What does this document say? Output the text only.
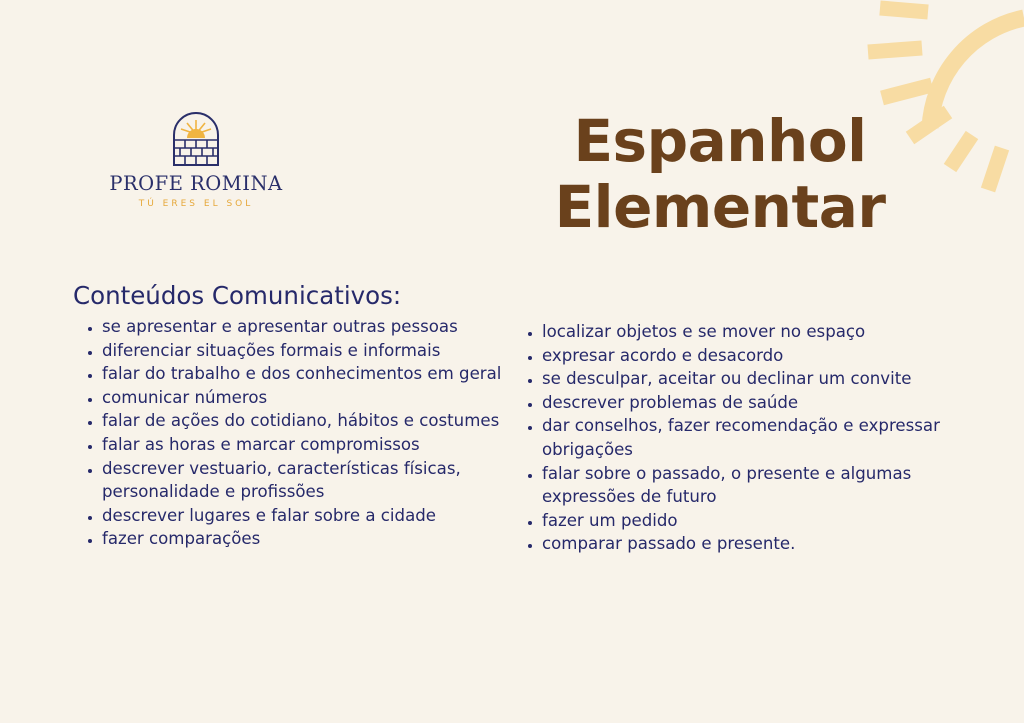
PROFE ROMINA
TÚ ERES EL SOL
Espanhol
Elementar
Conteúdos Comunicativos:
• se apresentar e apresentar outras pessoas
• diferenciar situações formais e informais
• falar do trabalho e dos conhecimentos em geral
• comunicar números
• falar de ações do cotidiano, hábitos e costumes
• falar as horas e marcar compromissos
• descrever vestuario, características físicas, personalidade e profissões
• descrever lugares e falar sobre a cidade
• fazer comparações
• localizar objetos e se mover no espaço
• expresar acordo e desacordo
• se desculpar, aceitar ou declinar um convite
• descrever problemas de saúde
• dar conselhos, fazer recomendação e expressar obrigações
• falar sobre o passado, o presente e algumas expressões de futuro
• fazer um pedido
• comparar passado e presente.
